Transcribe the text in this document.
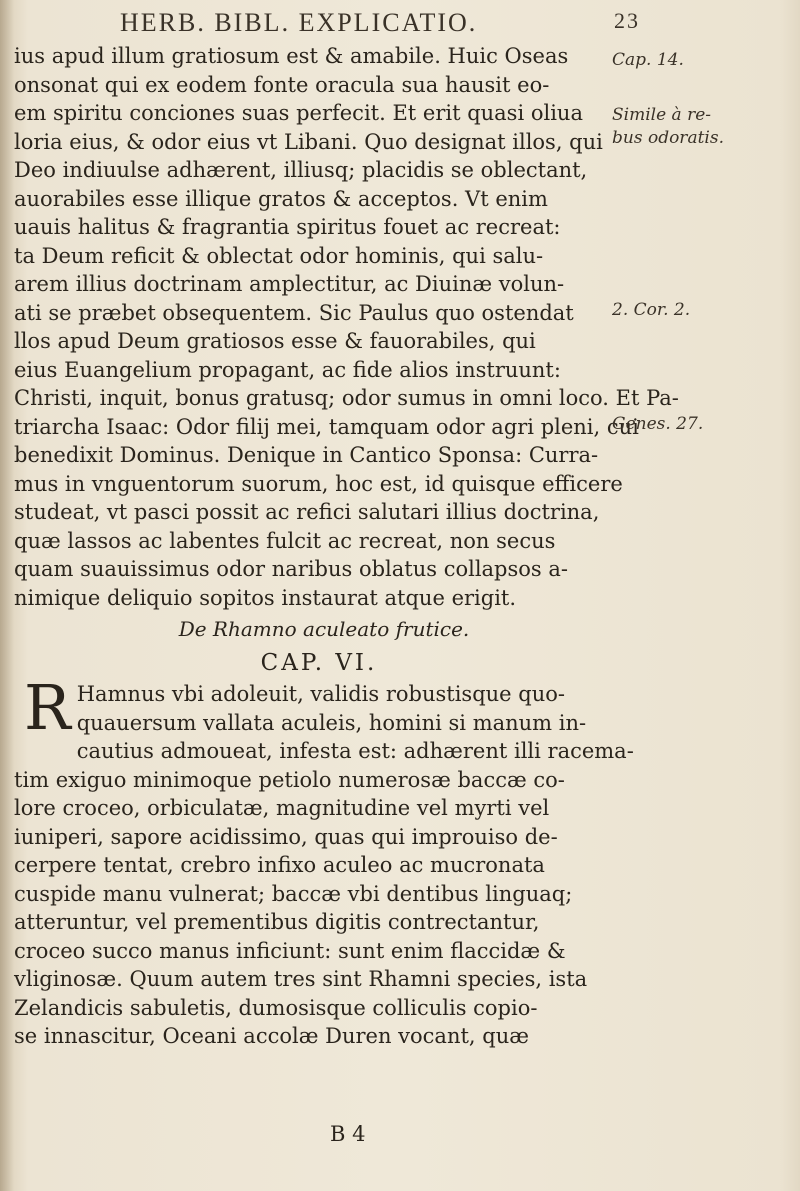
HERB. BIBL. EXPLICATIO.	23
ius apud illum gratiosum est & amabile. Huic Oseas
onsonat qui ex eodem fonte oracula sua hausit eo-
em spiritu conciones suas perfecit. Et erit quasi oliua
loria eius, & odor eius vt Libani. Quo designat illos, qui
Deo indiuulse adhærent, illiusq; placidis se oblectant,
auorabiles esse illique gratos & acceptos. Vt enim
uauis halitus & fragrantia spiritus fouet ac recreat:
ta Deum reficit & oblectat odor hominis, qui salu-
arem illius doctrinam amplectitur, ac Diuinæ volun-
ati se præbet obsequentem. Sic Paulus quo ostendat
llos apud Deum gratiosos esse & fauorabiles, qui
eius Euangelium propagant, ac fide alios instruunt:
Christi, inquit, bonus gratusq; odor sumus in omni loco. Et Pa-
triarcha Isaac: Odor filij mei, tamquam odor agri pleni, cui
benedixit Dominus. Denique in Cantico Sponsa: Curra-
mus in vnguentorum suorum, hoc est, id quisque efficere
studeat, vt pasci possit ac refici salutari illius doctrina,
quæ lassos ac labentes fulcit ac recreat, non secus
quam suauissimus odor naribus oblatus collapsos a-
nimique deliquio sopitos instaurat atque erigit.
De Rhamno aculeato frutice.
CAP. VI.
R Hamnus vbi adoleuit, validis robustisque quo-
quauersum vallata aculeis, homini si manum in-
cautius admoueat, infesta est: adhærent illi racema-
tim exiguo minimoque petiolo numerosæ baccæ co-
lore croceo, orbiculatæ, magnitudine vel myrti vel
iuniperi, sapore acidissimo, quas qui improuiso de-
cerpere tentat, crebro infixo aculeo ac mucronata
cuspide manu vulnerat; baccæ vbi dentibus linguaq;
atteruntur, vel prementibus digitis contrectantur,
croceo succo manus inficiunt: sunt enim flaccidæ &
vliginosæ. Quum autem tres sint Rhamni species, ista
Zelandicis sabuletis, dumosisque colliculis copio-
se innascitur, Oceani accolæ Duren vocant, quæ
B 4
Cap. 14.
Simile à re-
bus odoratis.
2. Cor. 2.
Genes. 27.
